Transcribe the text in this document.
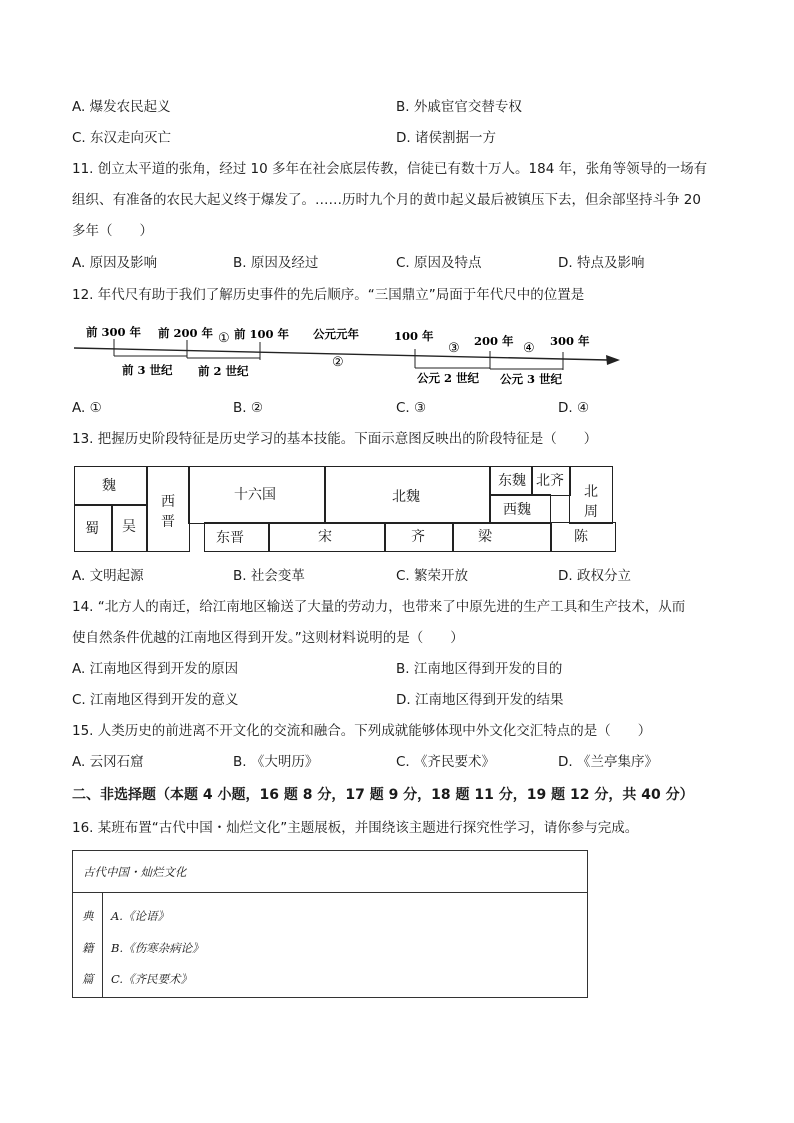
A. 爆发农民起义	B. 外戚宦官交替专权
C. 东汉走向灭亡	D. 诸侯割据一方
11. 创立太平道的张角，经过 10 多年在社会底层传教，信徒已有数十万人。184 年，张角等领导的一场有
组织、有准备的农民大起义终于爆发了。……历时九个月的黄巾起义最后被镇压下去，但余部坚持斗争 20
多年（　　）
A. 原因及影响	B. 原因及经过	C. 原因及特点	D. 特点及影响
12. 年代尺有助于我们了解历史事件的先后顺序。“三国鼎立”局面于年代尺中的位置是
前 300 年 前 200 年 ① 前 100 年 公元元年	100 年
③ 200 年 ④ 300 年
②
前 3 世纪 前 2 世纪	公元 2 世纪 公元 3 世纪
A. ①	B. ②	C. ③	D. ④
13. 把握历史阶段特征是历史学习的基本技能。下面示意图反映出的阶段特征是（　　）
魏
蜀 吴
西晋
十六国	北魏
东魏 北齐
西魏
北周
东晋	宋	齐	梁	陈
A. 文明起源	B. 社会变革	C. 繁荣开放	D. 政权分立
14. “北方人的南迁，给江南地区输送了大量的劳动力，也带来了中原先进的生产工具和生产技术，从而
使自然条件优越的江南地区得到开发。”这则材料说明的是（　　）
A. 江南地区得到开发的原因	B. 江南地区得到开发的目的
C. 江南地区得到开发的意义	D. 江南地区得到开发的结果
15. 人类历史的前进离不开文化的交流和融合。下列成就能够体现中外文化交汇特点的是（　　）
A. 云冈石窟	B. 《大明历》	C. 《齐民要术》	D. 《兰亭集序》
二、非选择题（本题 4 小题，16 题 8 分，17 题 9 分，18 题 11 分，19 题 12 分，共 40 分）
16. 某班布置“古代中国・灿烂文化”主题展板，并围绕该主题进行探究性学习，请你参与完成。
古代中国・灿烂文化
典
籍
篇
A.《论语》
B.《伤寒杂病论》
C.《齐民要术》
